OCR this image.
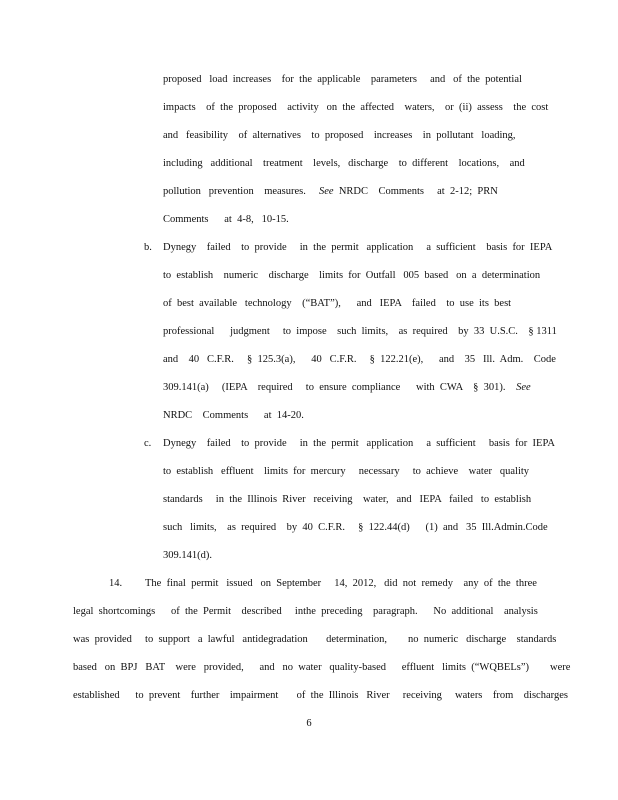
proposed   load  increases    for  the  applicable    parameters     and   of  the  potential
impacts    of  the  proposed    activity   on  the  affected    waters,    or  (ii)  assess    the  cost
and   feasibility    of  alternatives    to  proposed    increases    in  pollutant   loading,
including   additional    treatment    levels,   discharge    to  different    locations,    and
pollution   prevention    measures. See NRDC    Comments     at  2-12;  PRN
Comments      at  4-8,   10-15.
b. Dynegy    failed    to  provide     in  the  permit   application     a  sufficient    basis  for  IEPA
to  establish    numeric    discharge    limits  for  Outfall   005  based   on  a  determination
of  best  available   technology    (“BAT”),      and   IEPA    failed    to  use  its  best
professional      judgment     to  impose    such  limits,    as  required    by  33  U.S.C.    § 1311
and    40   C.F.R.     §  125.3(a),      40   C.F.R.     §  122.21(e),      and    35   Ill.  Adm.    Code
309.141(a)     (IEPA    required     to  ensure  compliance      with  CWA    §  301). See
NRDC    Comments      at  14-20.
c. Dynegy    failed    to  provide     in  the  permit   application     a  sufficient     basis  for  IEPA
to  establish   effluent    limits  for  mercury     necessary     to  achieve    water   quality
standards     in  the  Illinois  River   receiving    water,   and   IEPA   failed   to  establish
such   limits,    as  required    by  40  C.F.R.     §  122.44(d)      (1)  and   35  Ill.Admin.Code
309.141(d).
14. The  final  permit   issued   on  September     14,  2012,   did  not  remedy    any  of  the  three
legal  shortcomings      of  the  Permit    described     inthe  preceding    paragraph.      No  additional    analysis
was  provided     to  support   a  lawful   antidegradation       determination,        no  numeric   discharge    standards
based   on  BPJ   BAT    were   provided,      and   no  water   quality-based      effluent   limits  (“WQBELs”)        were
established      to  prevent    further    impairment       of  the  Illinois   River     receiving     waters    from    discharges
6
